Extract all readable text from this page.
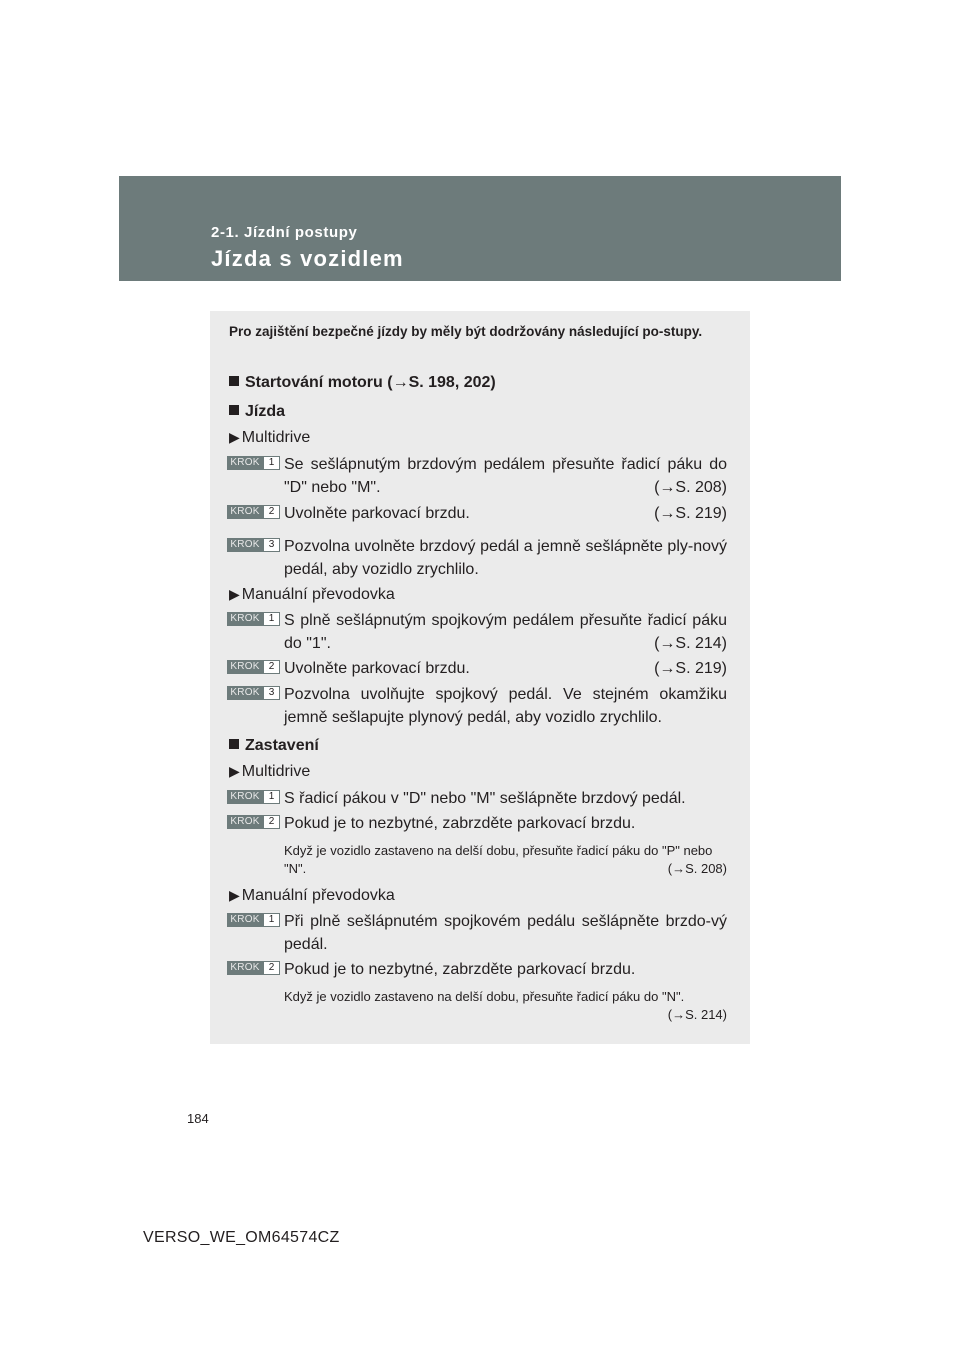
2-1. Jízdní postupy
Jízda s vozidlem
Pro zajištění bezpečné jízdy by měly být dodržovány následující po-stupy.
Startování motoru (→S. 198, 202)
Jízda
▶ Multidrive
KROK 1 Se sešlápnutým brzdovým pedálem přesuňte řadicí páku do "D" nebo "M".	(→S. 208)
KROK 2 Uvolněte parkovací brzdu.	(→S. 219)
KROK 3 Pozvolna uvolněte brzdový pedál a jemně sešlápněte ply-nový pedál, aby vozidlo zrychlilo.
▶ Manuální převodovka
KROK 1 S plně sešlápnutým spojkovým pedálem přesuňte řadicí páku do "1".	(→S. 214)
KROK 2 Uvolněte parkovací brzdu.	(→S. 219)
KROK 3 Pozvolna uvolňujte spojkový pedál. Ve stejném okamžiku jemně sešlapujte plynový pedál, aby vozidlo zrychlilo.
Zastavení
▶ Multidrive
KROK 1 S řadicí pákou v "D" nebo "M" sešlápněte brzdový pedál.
KROK 2 Pokud je to nezbytné, zabrzděte parkovací brzdu.
Když je vozidlo zastaveno na delší dobu, přesuňte řadicí páku do "P" nebo "N".	(→S. 208)
▶ Manuální převodovka
KROK 1 Při plně sešlápnutém spojkovém pedálu sešlápněte brzdo-vý pedál.
KROK 2 Pokud je to nezbytné, zabrzděte parkovací brzdu.
Když je vozidlo zastaveno na delší dobu, přesuňte řadicí páku do "N".
(→S. 214)
184
VERSO_WE_OM64574CZ
